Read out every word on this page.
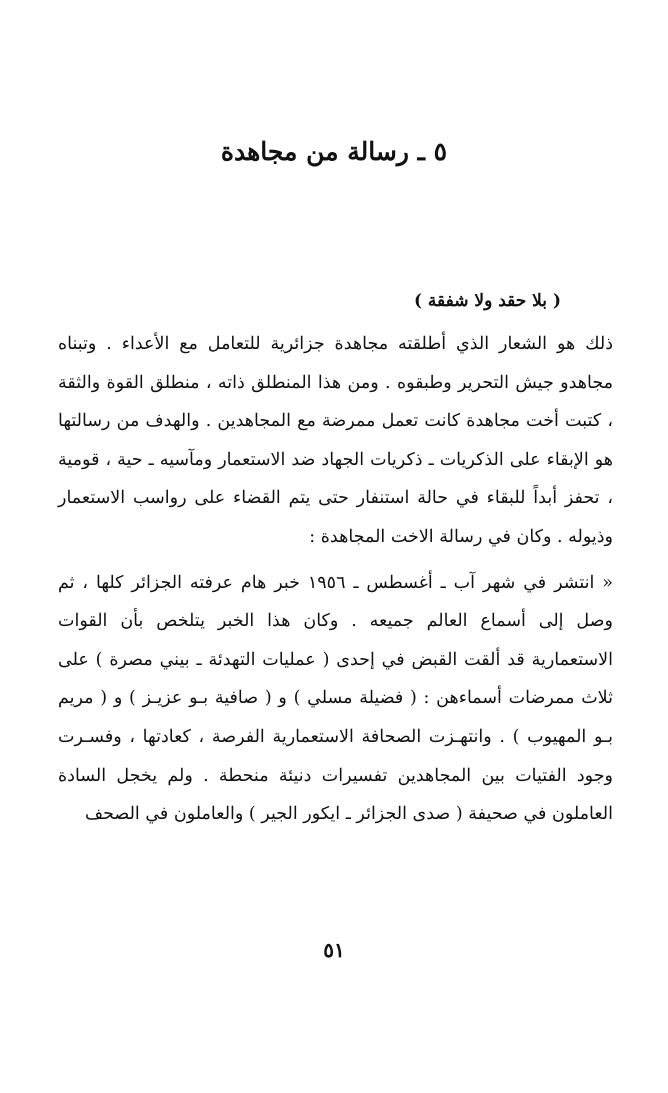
٥ ـ رسالة من مجاهدة

( بلا حقد ولا شفقة )

ذلك هو الشعار الذي أطلقته مجاهدة جزائرية للتعامل مع الأعداء . وتبناه مجاهدو جيش التحرير وطبقوه . ومن هذا المنطلق ذاته ، منطلق القوة والثقة ، كتبت أخت مجاهدة كانت تعمل ممرضة مع المجاهدين . والهدف من رسالتها هو الإبقاء على الذكريات ـ ذكريات الجهاد ضد الاستعمار ومآسيه ـ حية ، قومية ، تحفز أبداً للبقاء في حالة استنفار حتى يتم القضاء على رواسب الاستعمار وذيوله . وكان في رسالة الاخت المجاهدة :

« انتشر في شهر آب ـ أغسطس ـ ١٩٥٦ خبر هام عرفته الجزائر كلها ، ثم وصل إلى أسماع العالم جميعه . وكان هذا الخبر يتلخص بأن القوات الاستعمارية قد ألقت القبض في إحدى ( عمليات التهدئة ـ بيني مصرة ) على ثلاث ممرضات أسماءهن : ( فضيلة مسلي ) و ( صافية بـو عزيـز ) و ( مريم بـو المهيوب ) . وانتهـزت الصحافة الاستعمارية الفرصة ، كعادتها ، وفسـرت وجود الفتيات بين المجاهدين تفسيرات دنيئة منحطة . ولم يخجل السادة العاملون في صحيفة ( صدى الجزائر ـ ايكور الجير ) والعاملون في الصحف

٥١
